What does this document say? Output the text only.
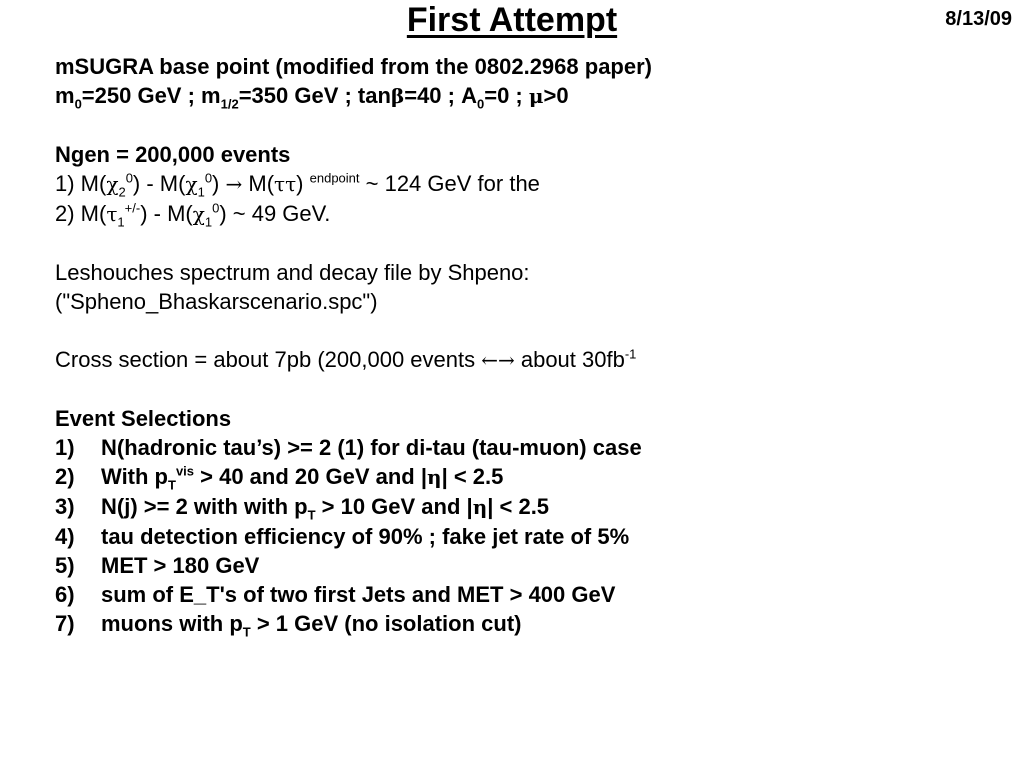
First Attempt	8/13/09
mSUGRA base point (modified from the 0802.2968 paper)
$m_0=250$ GeV ; $m_{1/2}=350$ GeV ; tanβ=40 ; $A_0=0$ ; μ>0
Ngen = 200,000 events
1) $M(\chi_2^0) - M(\chi_1^0) \to M(\tau\tau)$ $^{endpoint}$ ~ 124 GeV for the
2) $M(\tau_1^{+/-}) - M(\chi_1^0)$ ~ 49 GeV.
Leshouches spectrum and decay file by Shpeno:
("Spheno_Bhaskarscenario.spc")
Cross section = about 7pb (200,000 events ←→ about $30fb^{-1}$
Event Selections
1) N(hadronic tau’s) >= 2 (1) for di-tau (tau-muon) case
2) With $p_T^{vis} > 40$ and 20 GeV and |η| < 2.5
3) N(j) >= 2 with with $p_T > 10$ GeV and |η| < 2.5
4) tau detection efficiency of 90% ; fake jet rate of 5%
5) MET > 180 GeV
6) sum of E_T's of two first Jets and MET > 400 GeV
7) muons with $p_T > 1$ GeV (no isolation cut)
